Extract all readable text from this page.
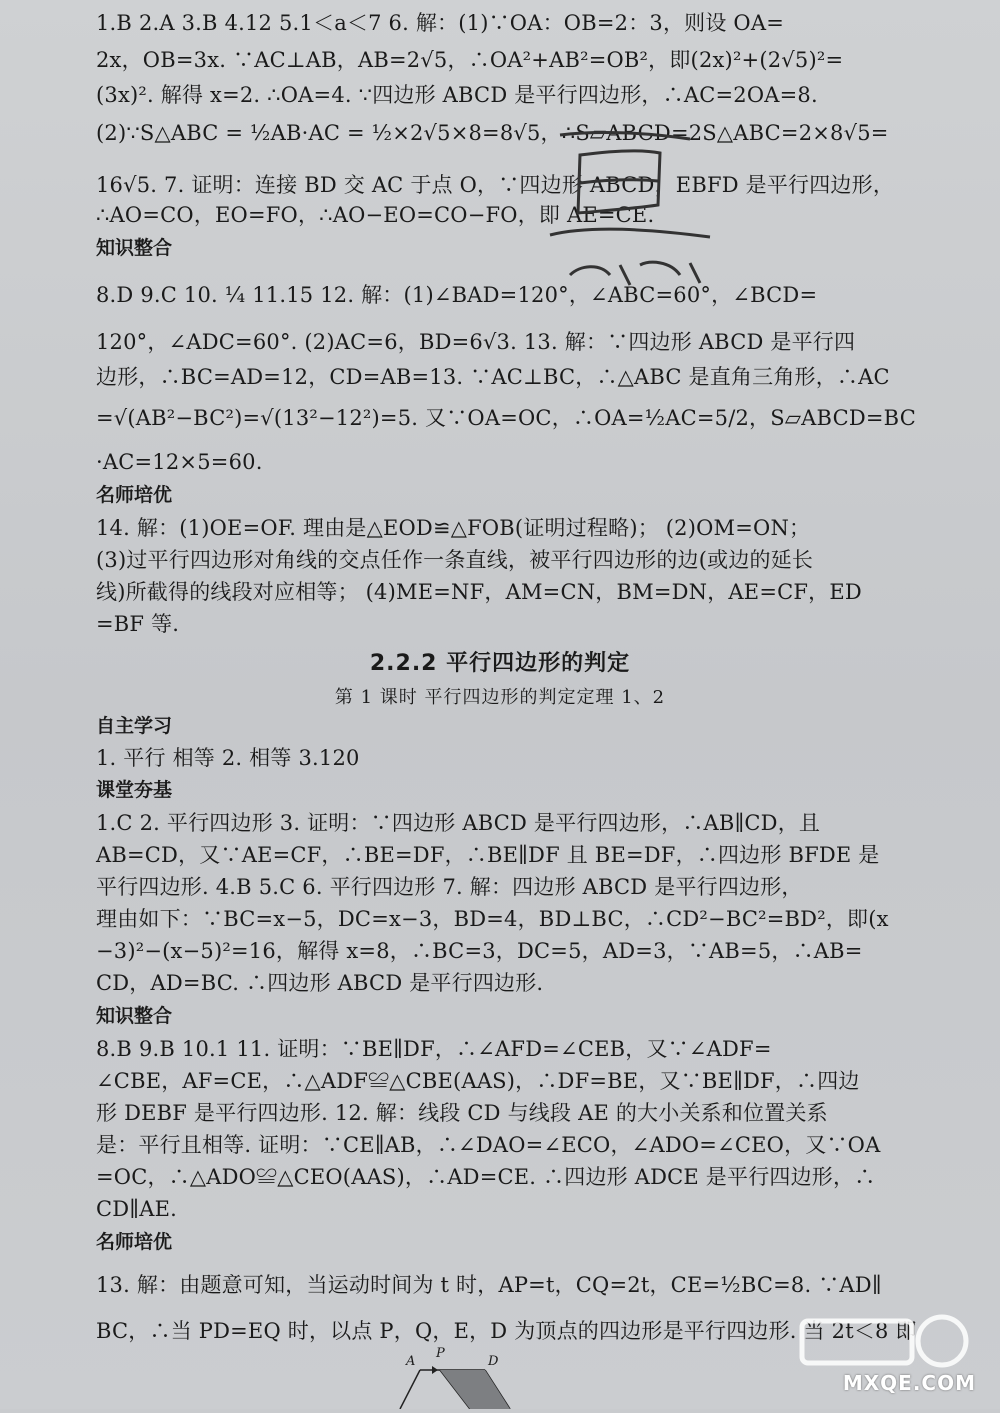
1.B 2.A 3.B 4.12 5.1＜a＜7 6. 解：(1)∵OA：OB=2：3，则设 OA=
2x，OB=3x. ∵AC⊥AB，AB=2√5，∴OA²+AB²=OB²，即(2x)²+(2√5)²=
(3x)². 解得 x=2. ∴OA=4. ∵四边形 ABCD 是平行四边形，∴AC=2OA=8.
(2)∵S△ABC = ½AB·AC = ½×2√5×8=8√5，∴S▱ABCD=2S△ABC=2×8√5=
16√5. 7. 证明：连接 BD 交 AC 于点 O，∵四边形 ABCD，EBFD 是平行四边形，
∴AO=CO，EO=FO，∴AO−EO=CO−FO，即 AE=CE.
知识整合
8.D 9.C 10. ¼ 11.15 12. 解：(1)∠BAD=120°，∠ABC=60°，∠BCD=
120°，∠ADC=60°. (2)AC=6，BD=6√3. 13. 解：∵四边形 ABCD 是平行四
边形，∴BC=AD=12，CD=AB=13. ∵AC⊥BC，∴△ABC 是直角三角形，∴AC
=√(AB²−BC²)=√(13²−12²)=5. 又∵OA=OC，∴OA=½AC=5/2，S▱ABCD=BC
·AC=12×5=60.
名师培优
14. 解：(1)OE=OF. 理由是△EOD≌△FOB(证明过程略)； (2)OM=ON；
(3)过平行四边形对角线的交点任作一条直线，被平行四边形的边(或边的延长
线)所截得的线段对应相等； (4)ME=NF，AM=CN，BM=DN，AE=CF，ED
=BF 等.
2.2.2 平行四边形的判定
第 1 课时 平行四边形的判定定理 1、2
自主学习
1. 平行 相等 2. 相等 3.120
课堂夯基
1.C 2. 平行四边形 3. 证明：∵四边形 ABCD 是平行四边形，∴AB∥CD，且
AB=CD，又∵AE=CF，∴BE=DF，∴BE∥DF 且 BE=DF，∴四边形 BFDE 是
平行四边形. 4.B 5.C 6. 平行四边形 7. 解：四边形 ABCD 是平行四边形，
理由如下：∵BC=x−5，DC=x−3，BD=4，BD⊥BC，∴CD²−BC²=BD²，即(x
−3)²−(x−5)²=16，解得 x=8，∴BC=3，DC=5，AD=3，∵AB=5，∴AB=
CD，AD=BC. ∴四边形 ABCD 是平行四边形.
知识整合
8.B 9.B 10.1 11. 证明：∵BE∥DF，∴∠AFD=∠CEB，又∵∠ADF=
∠CBE，AF=CE，∴△ADF≌△CBE(AAS)，∴DF=BE，又∵BE∥DF，∴四边
形 DEBF 是平行四边形. 12. 解：线段 CD 与线段 AE 的大小关系和位置关系
是：平行且相等. 证明：∵CE∥AB，∴∠DAO=∠ECO，∠ADO=∠CEO，又∵OA
=OC，∴△ADO≌△CEO(AAS)，∴AD=CE. ∴四边形 ADCE 是平行四边形，∴
CD∥AE.
名师培优
13. 解：由题意可知，当运动时间为 t 时，AP=t，CQ=2t，CE=½BC=8. ∵AD∥
BC，∴当 PD=EQ 时，以点 P，Q，E，D 为顶点的四边形是平行四边形. 当 2t＜8 即
A
P
D
MXQE.COM
